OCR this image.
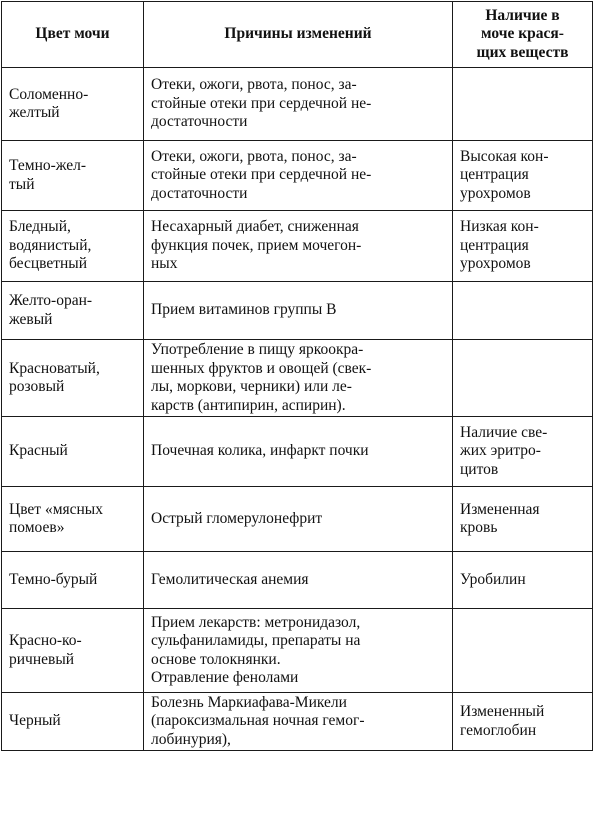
Цвет мочи	Причины изменений	Наличие в
моче крася-
щих веществ

Соломенно-
желтый	Отеки, ожоги, рвота, понос, за-
стойные отеки при сердечной не-
достаточности	

Темно-жел-
тый	Отеки, ожоги, рвота, понос, за-
стойные отеки при сердечной не-
достаточности	Высокая кон-
центрация
урохромов

Бледный,
водянистый,
бесцветный	Несахарный диабет, сниженная
функция почек, прием мочегон-
ных	Низкая кон-
центрация
урохромов

Желто-оран-
жевый	Прием витаминов группы В	

Красноватый,
розовый	Употребление в пищу яркоокра-
шенных фруктов и овощей (свек-
лы, моркови, черники) или ле-
карств (антипирин, аспирин).	

Красный	Почечная колика, инфаркт почки	Наличие све-
жих эритро-
цитов

Цвет «мясных
помоев»	Острый гломерулонефрит	Измененная
кровь

Темно-бурый	Гемолитическая анемия	Уробилин

Красно-ко-
ричневый	Прием лекарств: метронидазол,
сульфаниламиды, препараты на
основе толокнянки.
Отравление фенолами	

Черный	Болезнь Маркиафава-Микели
(пароксизмальная ночная гемог-
лобинурия),	Измененный
гемоглобин
